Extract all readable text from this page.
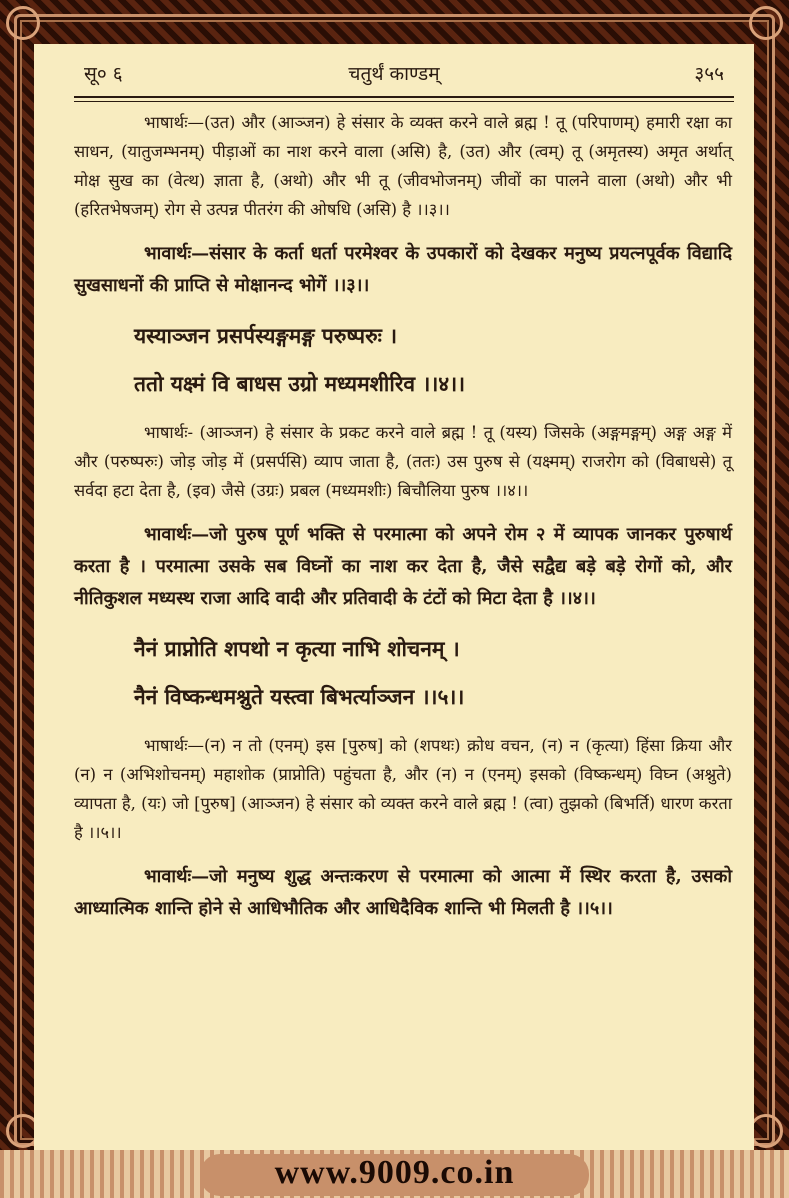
सू० ६	चतुर्थं काण्डम्	३५५

भाषार्थः—(उत) और (आञ्जन) हे संसार के व्यक्त करने वाले ब्रह्म ! तू (परिपाणम्) हमारी रक्षा का साधन, (यातुजम्भनम्) पीड़ाओं का नाश करने वाला (असि) है, (उत) और (त्वम्) तू (अमृतस्य) अमृत अर्थात् मोक्ष सुख का (वेत्थ) ज्ञाता है, (अथो) और भी तू (जीवभोजनम्) जीवों का पालने वाला (अथो) और भी (हरितभेषजम्) रोग से उत्पन्न पीतरंग की ओषधि (असि) है ।।३।।

भावार्थः—संसार के कर्ता धर्ता परमेश्वर के उपकारों को देखकर मनुष्य प्रयत्नपूर्वक विद्यादि सुखसाधनों की प्राप्ति से मोक्षानन्द भोगें ।।३।।

यस्याञ्जन प्रसर्पस्यङ्गमङ्ग परुष्परुः ।
ततो यक्ष्मं वि बाधस उग्रो मध्यमशीरिव ।।४।।

भाषार्थः- (आञ्जन) हे संसार के प्रकट करने वाले ब्रह्म ! तू (यस्य) जिसके (अङ्गमङ्गम्) अङ्ग अङ्ग में और (परुष्परुः) जोड़ जोड़ में (प्रसर्पसि) व्याप जाता है, (ततः) उस पुरुष से (यक्ष्मम्) राजरोग को (विबाधसे) तू सर्वदा हटा देता है, (इव) जैसे (उग्रः) प्रबल (मध्यमशीः) बिचौलिया पुरुष ।।४।।

भावार्थः—जो पुरुष पूर्ण भक्ति से परमात्मा को अपने रोम २ में व्यापक जानकर पुरुषार्थ करता है । परमात्मा उसके सब विघ्नों का नाश कर देता है, जैसे सद्वैद्य बड़े बड़े रोगों को, और नीतिकुशल मध्यस्थ राजा आदि वादी और प्रतिवादी के टंटों को मिटा देता है ।।४।।

नैनं प्राप्नोति शपथो न कृत्या नाभि शोचनम् ।
नैनं विष्कन्धमश्नुते यस्त्वा बिभर्त्याञ्जन ।।५।।

भाषार्थः—(न) न तो (एनम्) इस [पुरुष] को (शपथः) क्रोध वचन, (न) न (कृत्या) हिंसा क्रिया और (न) न (अभिशोचनम्) महाशोक (प्राप्नोति) पहुंचता है, और (न) न (एनम्) इसको (विष्कन्धम्) विघ्न (अश्नुते) व्यापता है, (यः) जो [पुरुष] (आञ्जन) हे संसार को व्यक्त करने वाले ब्रह्म ! (त्वा) तुझको (बिभर्ति) धारण करता है ।।५।।

भावार्थः—जो मनुष्य शुद्ध अन्तःकरण से परमात्मा को आत्मा में स्थिर करता है, उसको आध्यात्मिक शान्ति होने से आधिभौतिक और आधिदैविक शान्ति भी मिलती है ।।५।।

www.9009.co.in
